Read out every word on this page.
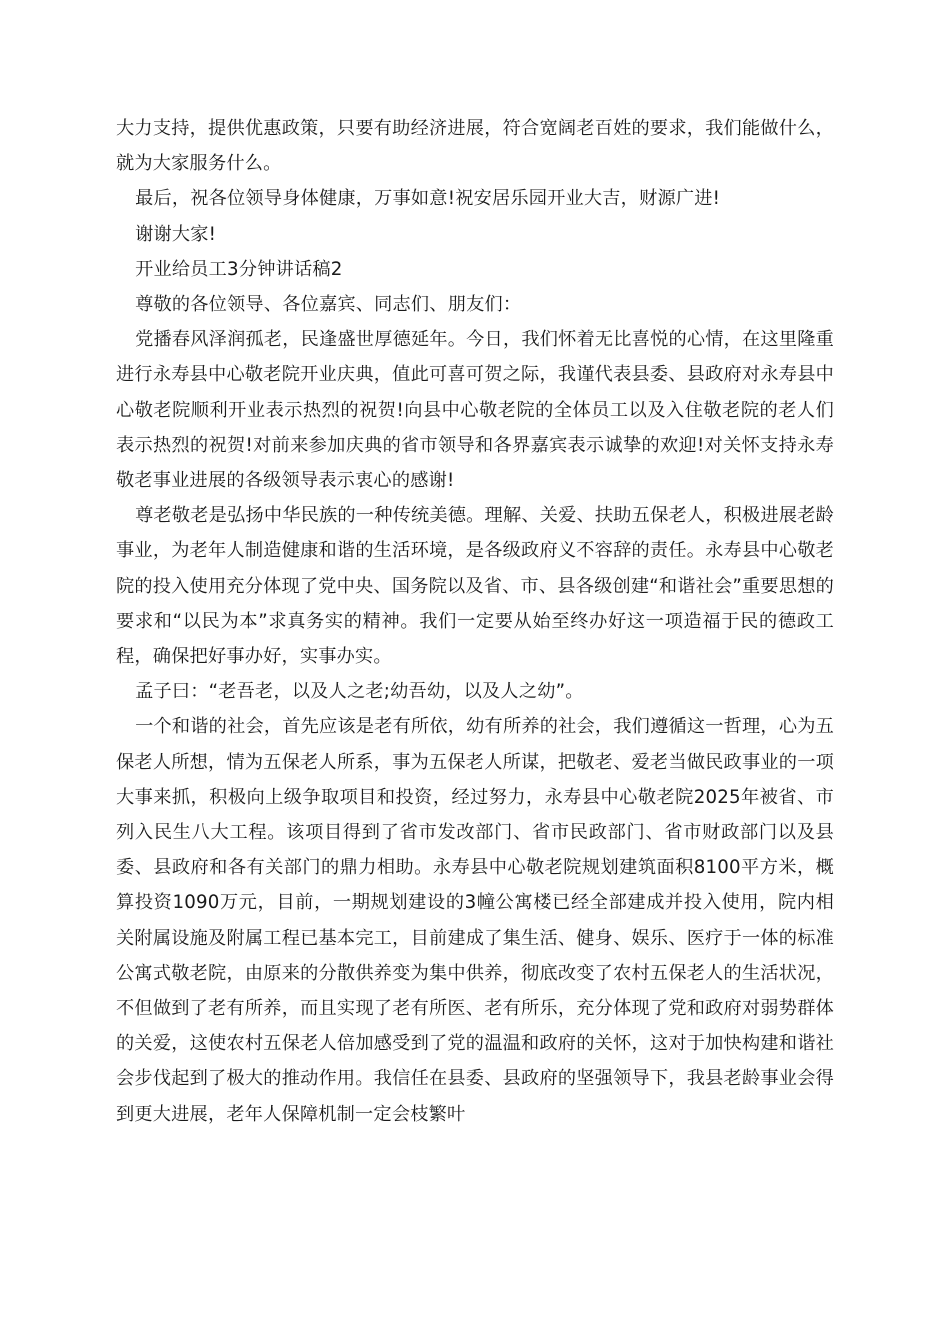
大力支持，提供优惠政策，只要有助经济进展，符合宽阔老百姓的要求，我们能做什么，就为大家服务什么。

最后，祝各位领导身体健康，万事如意!祝安居乐园开业大吉，财源广进!

谢谢大家!

开业给员工3分钟讲话稿2

尊敬的各位领导、各位嘉宾、同志们、朋友们：

党播春风泽润孤老，民逢盛世厚德延年。今日，我们怀着无比喜悦的心情，在这里隆重进行永寿县中心敬老院开业庆典，值此可喜可贺之际，我谨代表县委、县政府对永寿县中心敬老院顺利开业表示热烈的祝贺!向县中心敬老院的全体员工以及入住敬老院的老人们表示热烈的祝贺!对前来参加庆典的省市领导和各界嘉宾表示诚挚的欢迎!对关怀支持永寿敬老事业进展的各级领导表示衷心的感谢!

尊老敬老是弘扬中华民族的一种传统美德。理解、关爱、扶助五保老人，积极进展老龄事业，为老年人制造健康和谐的生活环境，是各级政府义不容辞的责任。永寿县中心敬老院的投入使用充分体现了党中央、国务院以及省、市、县各级创建“和谐社会”重要思想的要求和“以民为本”求真务实的精神。我们一定要从始至终办好这一项造福于民的德政工程，确保把好事办好，实事办实。

孟子曰：“老吾老，以及人之老;幼吾幼，以及人之幼”。

一个和谐的社会，首先应该是老有所依，幼有所养的社会，我们遵循这一哲理，心为五保老人所想，情为五保老人所系，事为五保老人所谋，把敬老、爱老当做民政事业的一项大事来抓，积极向上级争取项目和投资，经过努力，永寿县中心敬老院2025年被省、市列入民生八大工程。该项目得到了省市发改部门、省市民政部门、省市财政部门以及县委、县政府和各有关部门的鼎力相助。永寿县中心敬老院规划建筑面积8100平方米，概算投资1090万元，目前，一期规划建设的3幢公寓楼已经全部建成并投入使用，院内相关附属设施及附属工程已基本完工，目前建成了集生活、健身、娱乐、医疗于一体的标准公寓式敬老院，由原来的分散供养变为集中供养，彻底改变了农村五保老人的生活状况，不但做到了老有所养，而且实现了老有所医、老有所乐，充分体现了党和政府对弱势群体的关爱，这使农村五保老人倍加感受到了党的温温和政府的关怀，这对于加快构建和谐社会步伐起到了极大的推动作用。我信任在县委、县政府的坚强领导下，我县老龄事业会得到更大进展，老年人保障机制一定会枝繁叶
